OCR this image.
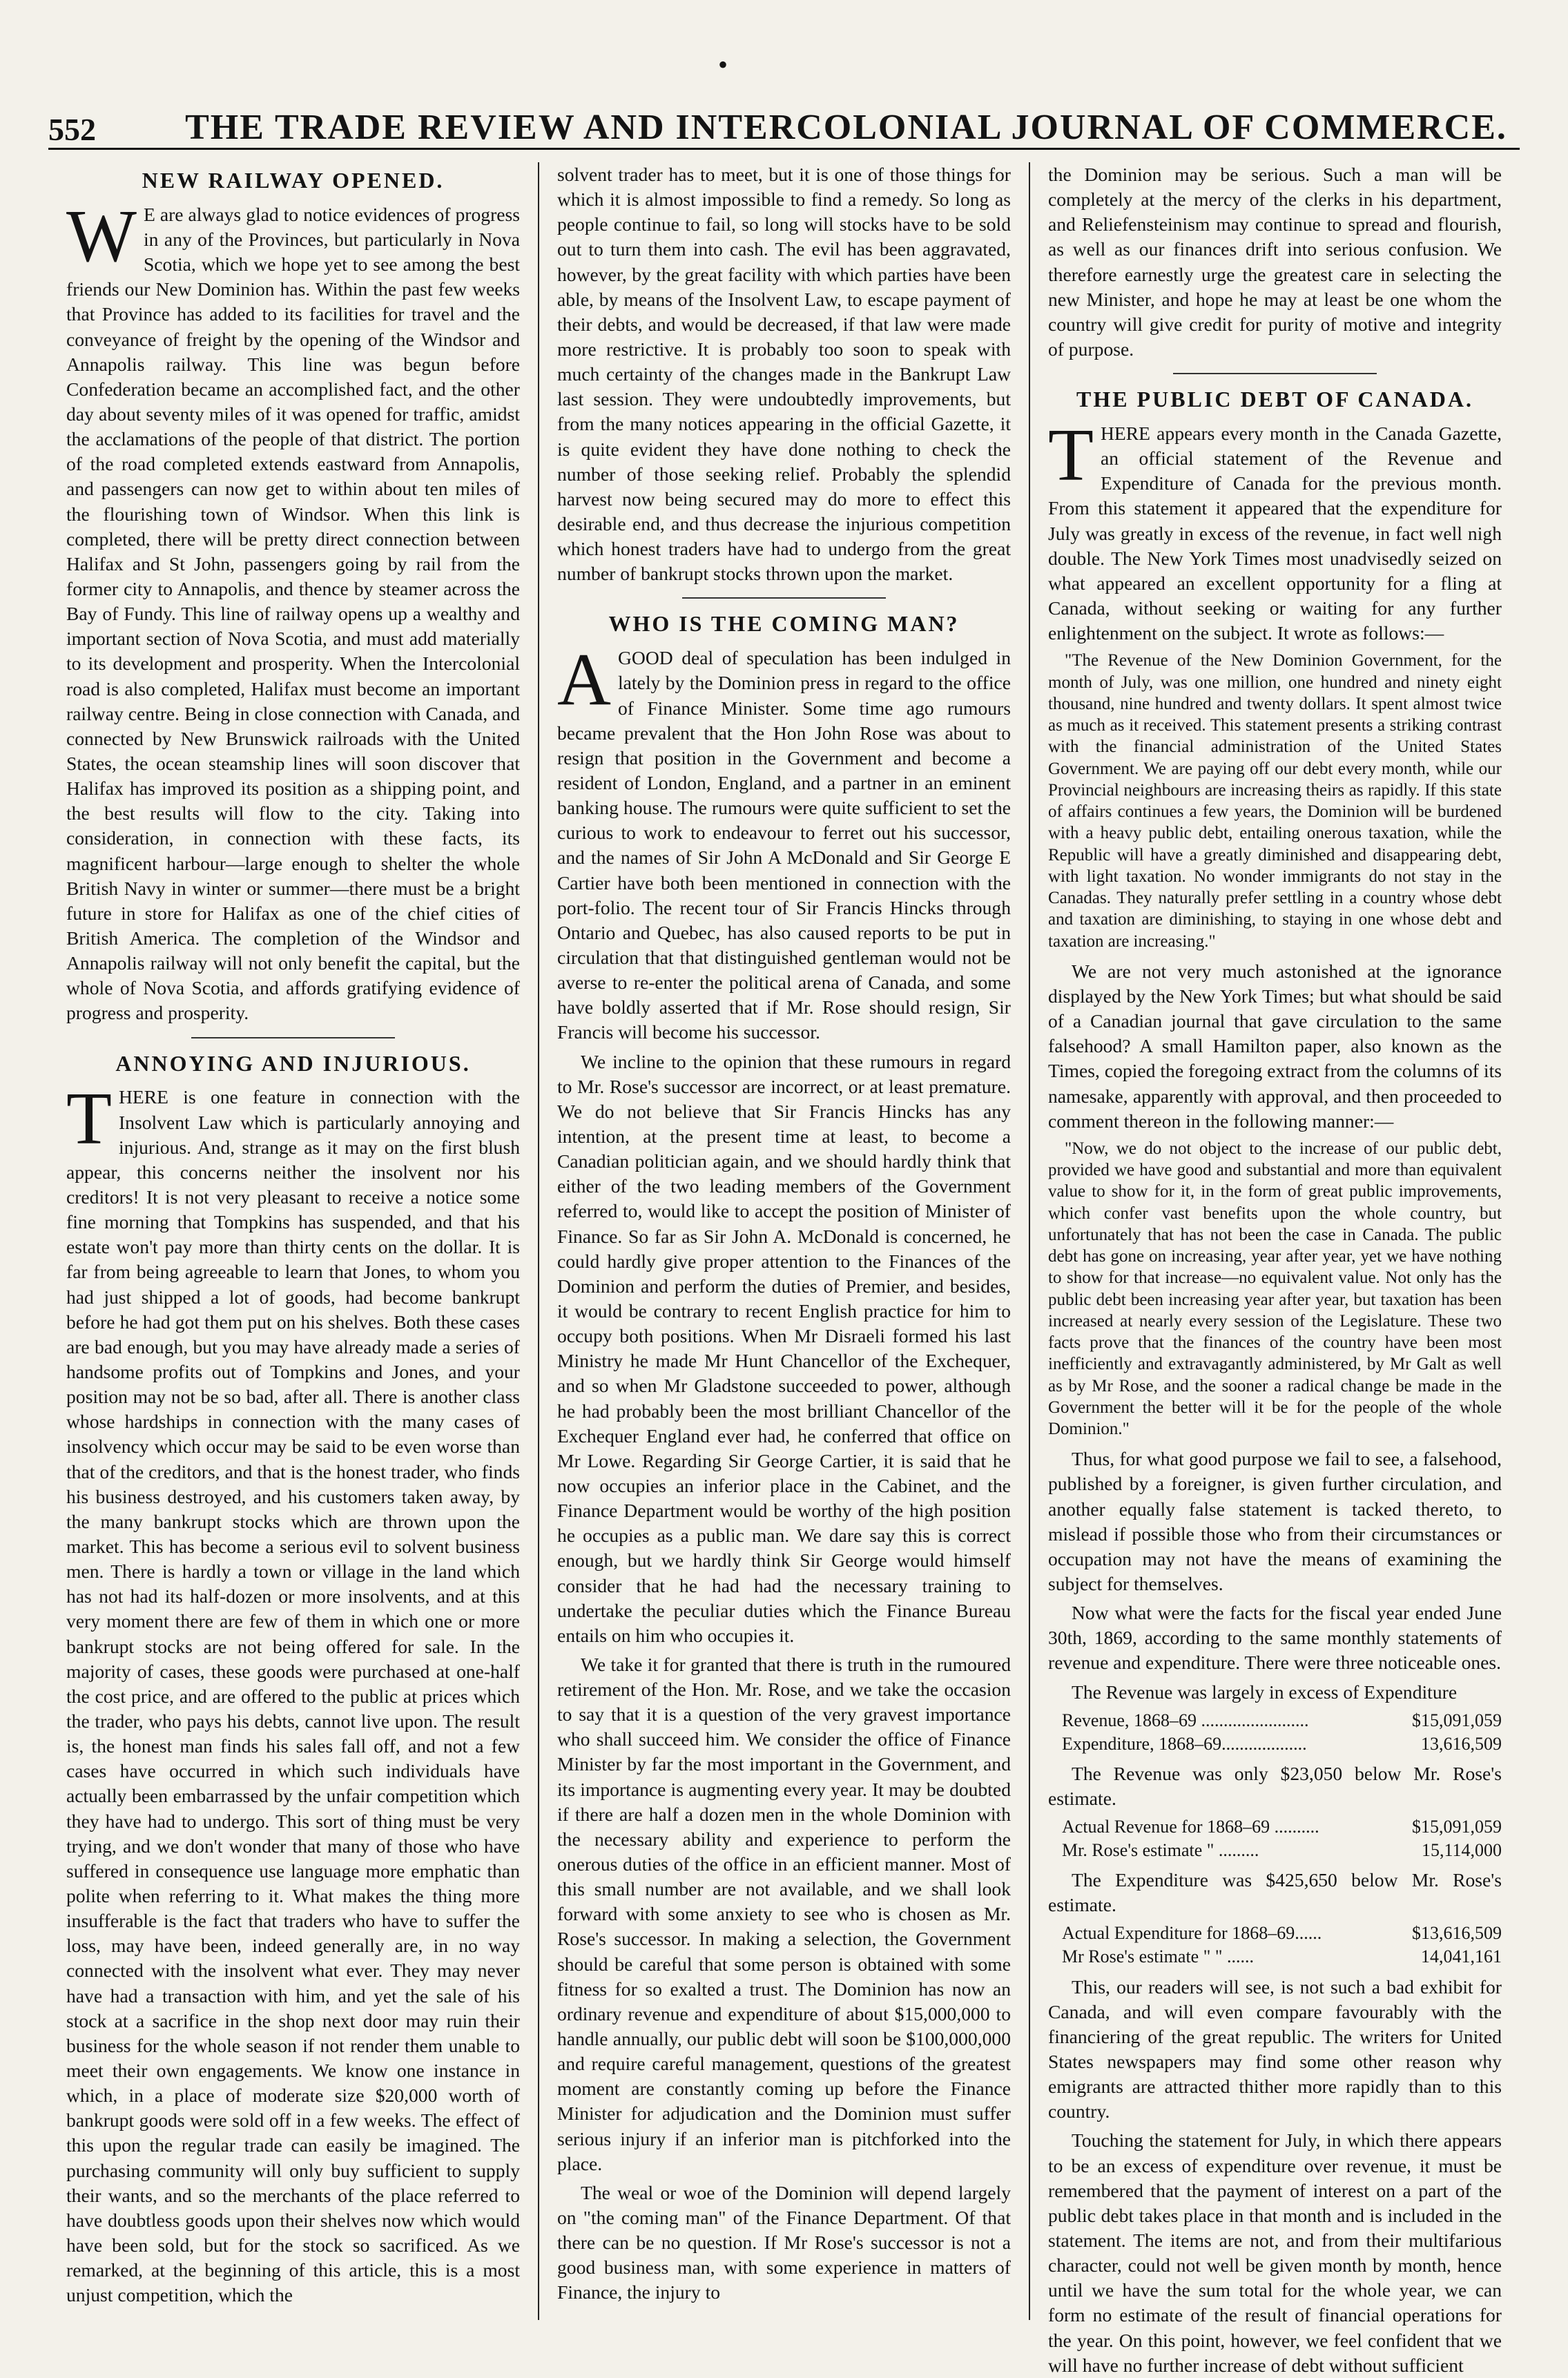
•
552	THE TRADE REVIEW AND INTERCOLONIAL JOURNAL OF COMMERCE.
NEW RAILWAY OPENED.

WE are always glad to notice evidences of progress in any of the Provinces, but particularly in Nova Scotia, which we hope yet to see among the best friends our New Dominion has. Within the past few weeks that Province has added to its facilities for travel and the conveyance of freight by the opening of the Windsor and Annapolis railway. This line was begun before Confederation became an accomplished fact, and the other day about seventy miles of it was opened for traffic, amidst the acclamations of the people of that district. The portion of the road completed extends eastward from Annapolis, and passengers can now get to within about ten miles of the flourishing town of Windsor. When this link is completed, there will be pretty direct connection between Halifax and St John, passengers going by rail from the former city to Annapolis, and thence by steamer across the Bay of Fundy. This line of railway opens up a wealthy and important section of Nova Scotia, and must add materially to its development and prosperity. When the Intercolonial road is also completed, Halifax must become an important railway centre. Being in close connection with Canada, and connected by New Brunswick railroads with the United States, the ocean steamship lines will soon discover that Halifax has improved its position as a shipping point, and the best results will flow to the city. Taking into consideration, in connection with these facts, its magnificent harbour—large enough to shelter the whole British Navy in winter or summer—there must be a bright future in store for Halifax as one of the chief cities of British America. The completion of the Windsor and Annapolis railway will not only benefit the capital, but the whole of Nova Scotia, and affords gratifying evidence of progress and prosperity.

ANNOYING AND INJURIOUS.

THERE is one feature in connection with the Insolvent Law which is particularly annoying and injurious. And, strange as it may on the first blush appear, this concerns neither the insolvent nor his creditors! It is not very pleasant to receive a notice some fine morning that Tompkins has suspended, and that his estate won't pay more than thirty cents on the dollar. It is far from being agreeable to learn that Jones, to whom you had just shipped a lot of goods, had become bankrupt before he had got them put on his shelves. Both these cases are bad enough, but you may have already made a series of handsome profits out of Tompkins and Jones, and your position may not be so bad, after all. There is another class whose hardships in connection with the many cases of insolvency which occur may be said to be even worse than that of the creditors, and that is the honest trader, who finds his business destroyed, and his customers taken away, by the many bankrupt stocks which are thrown upon the market. This has become a serious evil to solvent business men. There is hardly a town or village in the land which has not had its half-dozen or more insolvents, and at this very moment there are few of them in which one or more bankrupt stocks are not being offered for sale. In the majority of cases, these goods were purchased at one-half the cost price, and are offered to the public at prices which the trader, who pays his debts, cannot live upon. The result is, the honest man finds his sales fall off, and not a few cases have occurred in which such individuals have actually been embarrassed by the unfair competition which they have had to undergo. This sort of thing must be very trying, and we don't wonder that many of those who have suffered in consequence use language more emphatic than polite when referring to it. What makes the thing more insufferable is the fact that traders who have to suffer the loss, may have been, indeed generally are, in no way connected with the insolvent what ever. They may never have had a transaction with him, and yet the sale of his stock at a sacrifice in the shop next door may ruin their business for the whole season if not render them unable to meet their own engagements. We know one instance in which, in a place of moderate size $20,000 worth of bankrupt goods were sold off in a few weeks. The effect of this upon the regular trade can easily be imagined. The purchasing community will only buy sufficient to supply their wants, and so the merchants of the place referred to have doubtless goods upon their shelves now which would have been sold, but for the stock so sacrificed. As we remarked, at the beginning of this article, this is a most unjust competition, which the

solvent trader has to meet, but it is one of those things for which it is almost impossible to find a remedy. So long as people continue to fail, so long will stocks have to be sold out to turn them into cash. The evil has been aggravated, however, by the great facility with which parties have been able, by means of the Insolvent Law, to escape payment of their debts, and would be decreased, if that law were made more restrictive. It is probably too soon to speak with much certainty of the changes made in the Bankrupt Law last session. They were undoubtedly improvements, but from the many notices appearing in the official Gazette, it is quite evident they have done nothing to check the number of those seeking relief. Probably the splendid harvest now being secured may do more to effect this desirable end, and thus decrease the injurious competition which honest traders have had to undergo from the great number of bankrupt stocks thrown upon the market.

WHO IS THE COMING MAN?

AGOOD deal of speculation has been indulged in lately by the Dominion press in regard to the office of Finance Minister. Some time ago rumours became prevalent that the Hon John Rose was about to resign that position in the Government and become a resident of London, England, and a partner in an eminent banking house. The rumours were quite sufficient to set the curious to work to endeavour to ferret out his successor, and the names of Sir John A McDonald and Sir George E Cartier have both been mentioned in connection with the port-folio. The recent tour of Sir Francis Hincks through Ontario and Quebec, has also caused reports to be put in circulation that that distinguished gentleman would not be averse to re-enter the political arena of Canada, and some have boldly asserted that if Mr. Rose should resign, Sir Francis will become his successor.

We incline to the opinion that these rumours in regard to Mr. Rose's successor are incorrect, or at least premature. We do not believe that Sir Francis Hincks has any intention, at the present time at least, to become a Canadian politician again, and we should hardly think that either of the two leading members of the Government referred to, would like to accept the position of Minister of Finance. So far as Sir John A. McDonald is concerned, he could hardly give proper attention to the Finances of the Dominion and perform the duties of Premier, and besides, it would be contrary to recent English practice for him to occupy both positions. When Mr Disraeli formed his last Ministry he made Mr Hunt Chancellor of the Exchequer, and so when Mr Gladstone succeeded to power, although he had probably been the most brilliant Chancellor of the Exchequer England ever had, he conferred that office on Mr Lowe. Regarding Sir George Cartier, it is said that he now occupies an inferior place in the Cabinet, and the Finance Department would be worthy of the high position he occupies as a public man. We dare say this is correct enough, but we hardly think Sir George would himself consider that he had had the necessary training to undertake the peculiar duties which the Finance Bureau entails on him who occupies it.

We take it for granted that there is truth in the rumoured retirement of the Hon. Mr. Rose, and we take the occasion to say that it is a question of the very gravest importance who shall succeed him. We consider the office of Finance Minister by far the most important in the Government, and its importance is augmenting every year. It may be doubted if there are half a dozen men in the whole Dominion with the necessary ability and experience to perform the onerous duties of the office in an efficient manner. Most of this small number are not available, and we shall look forward with some anxiety to see who is chosen as Mr. Rose's successor. In making a selection, the Government should be careful that some person is obtained with some fitness for so exalted a trust. The Dominion has now an ordinary revenue and expenditure of about $15,000,000 to handle annually, our public debt will soon be $100,000,000 and require careful management, questions of the greatest moment are constantly coming up before the Finance Minister for adjudication and the Dominion must suffer serious injury if an inferior man is pitchforked into the place.

The weal or woe of the Dominion will depend largely on "the coming man" of the Finance Department. Of that there can be no question. If Mr Rose's successor is not a good business man, with some experience in matters of Finance, the injury to

the Dominion may be serious. Such a man will be completely at the mercy of the clerks in his department, and Reliefensteinism may continue to spread and flourish, as well as our finances drift into serious confusion. We therefore earnestly urge the greatest care in selecting the new Minister, and hope he may at least be one whom the country will give credit for purity of motive and integrity of purpose.

THE PUBLIC DEBT OF CANADA.

THERE appears every month in the Canada Gazette, an official statement of the Revenue and Expenditure of Canada for the previous month. From this statement it appeared that the expenditure for July was greatly in excess of the revenue, in fact well nigh double. The New York Times most unadvisedly seized on what appeared an excellent opportunity for a fling at Canada, without seeking or waiting for any further enlightenment on the subject. It wrote as follows:—

"The Revenue of the New Dominion Government, for the month of July, was one million, one hundred and ninety eight thousand, nine hundred and twenty dollars. It spent almost twice as much as it received. This statement presents a striking contrast with the financial administration of the United States Government. We are paying off our debt every month, while our Provincial neighbours are increasing theirs as rapidly. If this state of affairs continues a few years, the Dominion will be burdened with a heavy public debt, entailing onerous taxation, while the Republic will have a greatly diminished and disappearing debt, with light taxation. No wonder immigrants do not stay in the Canadas. They naturally prefer settling in a country whose debt and taxation are diminishing, to staying in one whose debt and taxation are increasing."

We are not very much astonished at the ignorance displayed by the New York Times; but what should be said of a Canadian journal that gave circulation to the same falsehood? A small Hamilton paper, also known as the Times, copied the foregoing extract from the columns of its namesake, apparently with approval, and then proceeded to comment thereon in the following manner:—

"Now, we do not object to the increase of our public debt, provided we have good and substantial and more than equivalent value to show for it, in the form of great public improvements, which confer vast benefits upon the whole country, but unfortunately that has not been the case in Canada. The public debt has gone on increasing, year after year, yet we have nothing to show for that increase—no equivalent value. Not only has the public debt been increasing year after year, but taxation has been increased at nearly every session of the Legislature. These two facts prove that the finances of the country have been most inefficiently and extravagantly administered, by Mr Galt as well as by Mr Rose, and the sooner a radical change be made in the Government the better will it be for the people of the whole Dominion."

Thus, for what good purpose we fail to see, a falsehood, published by a foreigner, is given further circulation, and another equally false statement is tacked thereto, to mislead if possible those who from their circumstances or occupation may not have the means of examining the subject for themselves.

Now what were the facts for the fiscal year ended June 30th, 1869, according to the same monthly statements of revenue and expenditure. There were three noticeable ones.

The Revenue was largely in excess of Expenditure

Revenue, 1868–69 ........................	$15,091,059
Expenditure, 1868–69...................	13,616,509

The Revenue was only $23,050 below Mr. Rose's estimate.

Actual Revenue for 1868–69 ..........	$15,091,059
Mr. Rose's estimate " .........	15,114,000

The Expenditure was $425,650 below Mr. Rose's estimate.

Actual Expenditure for 1868–69......	$13,616,509
Mr Rose's estimate " " ......	14,041,161

This, our readers will see, is not such a bad exhibit for Canada, and will even compare favourably with the financiering of the great republic. The writers for United States newspapers may find some other reason why emigrants are attracted thither more rapidly than to this country.

Touching the statement for July, in which there appears to be an excess of expenditure over revenue, it must be remembered that the payment of interest on a part of the public debt takes place in that month and is included in the statement. The items are not, and from their multifarious character, could not well be given month by month, hence until we have the sum total for the whole year, we can form no estimate of the result of financial operations for the year. On this point, however, we feel confident that we will have no further increase of debt without sufficient
